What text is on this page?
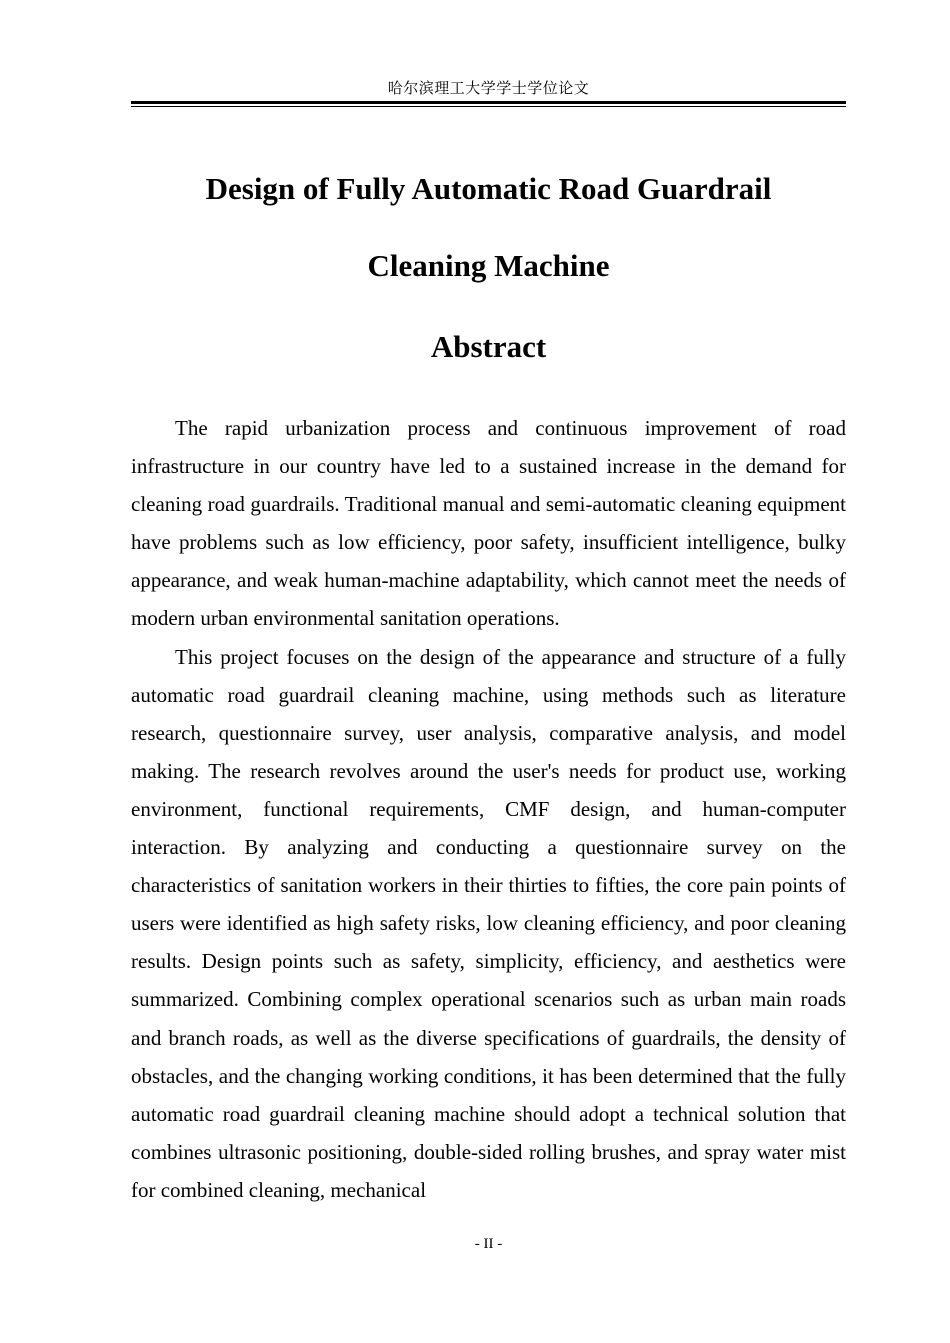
哈尔滨理工大学学士学位论文
Design of Fully Automatic Road Guardrail
Cleaning Machine
Abstract

The rapid urbanization process and continuous improvement of road infrastructure in our country have led to a sustained increase in the demand for cleaning road guardrails. Traditional manual and semi-automatic cleaning equipment have problems such as low efficiency, poor safety, insufficient intelligence, bulky appearance, and weak human-machine adaptability, which cannot meet the needs of modern urban environmental sanitation operations.

This project focuses on the design of the appearance and structure of a fully automatic road guardrail cleaning machine, using methods such as literature research, questionnaire survey, user analysis, comparative analysis, and model making. The research revolves around the user's needs for product use, working environment, functional requirements, CMF design, and human-computer interaction. By analyzing and conducting a questionnaire survey on the characteristics of sanitation workers in their thirties to fifties, the core pain points of users were identified as high safety risks, low cleaning efficiency, and poor cleaning results. Design points such as safety, simplicity, efficiency, and aesthetics were summarized. Combining complex operational scenarios such as urban main roads and branch roads, as well as the diverse specifications of guardrails, the density of obstacles, and the changing working conditions, it has been determined that the fully automatic road guardrail cleaning machine should adopt a technical solution that combines ultrasonic positioning, double-sided rolling brushes, and spray water mist for combined cleaning, mechanical

- II -
